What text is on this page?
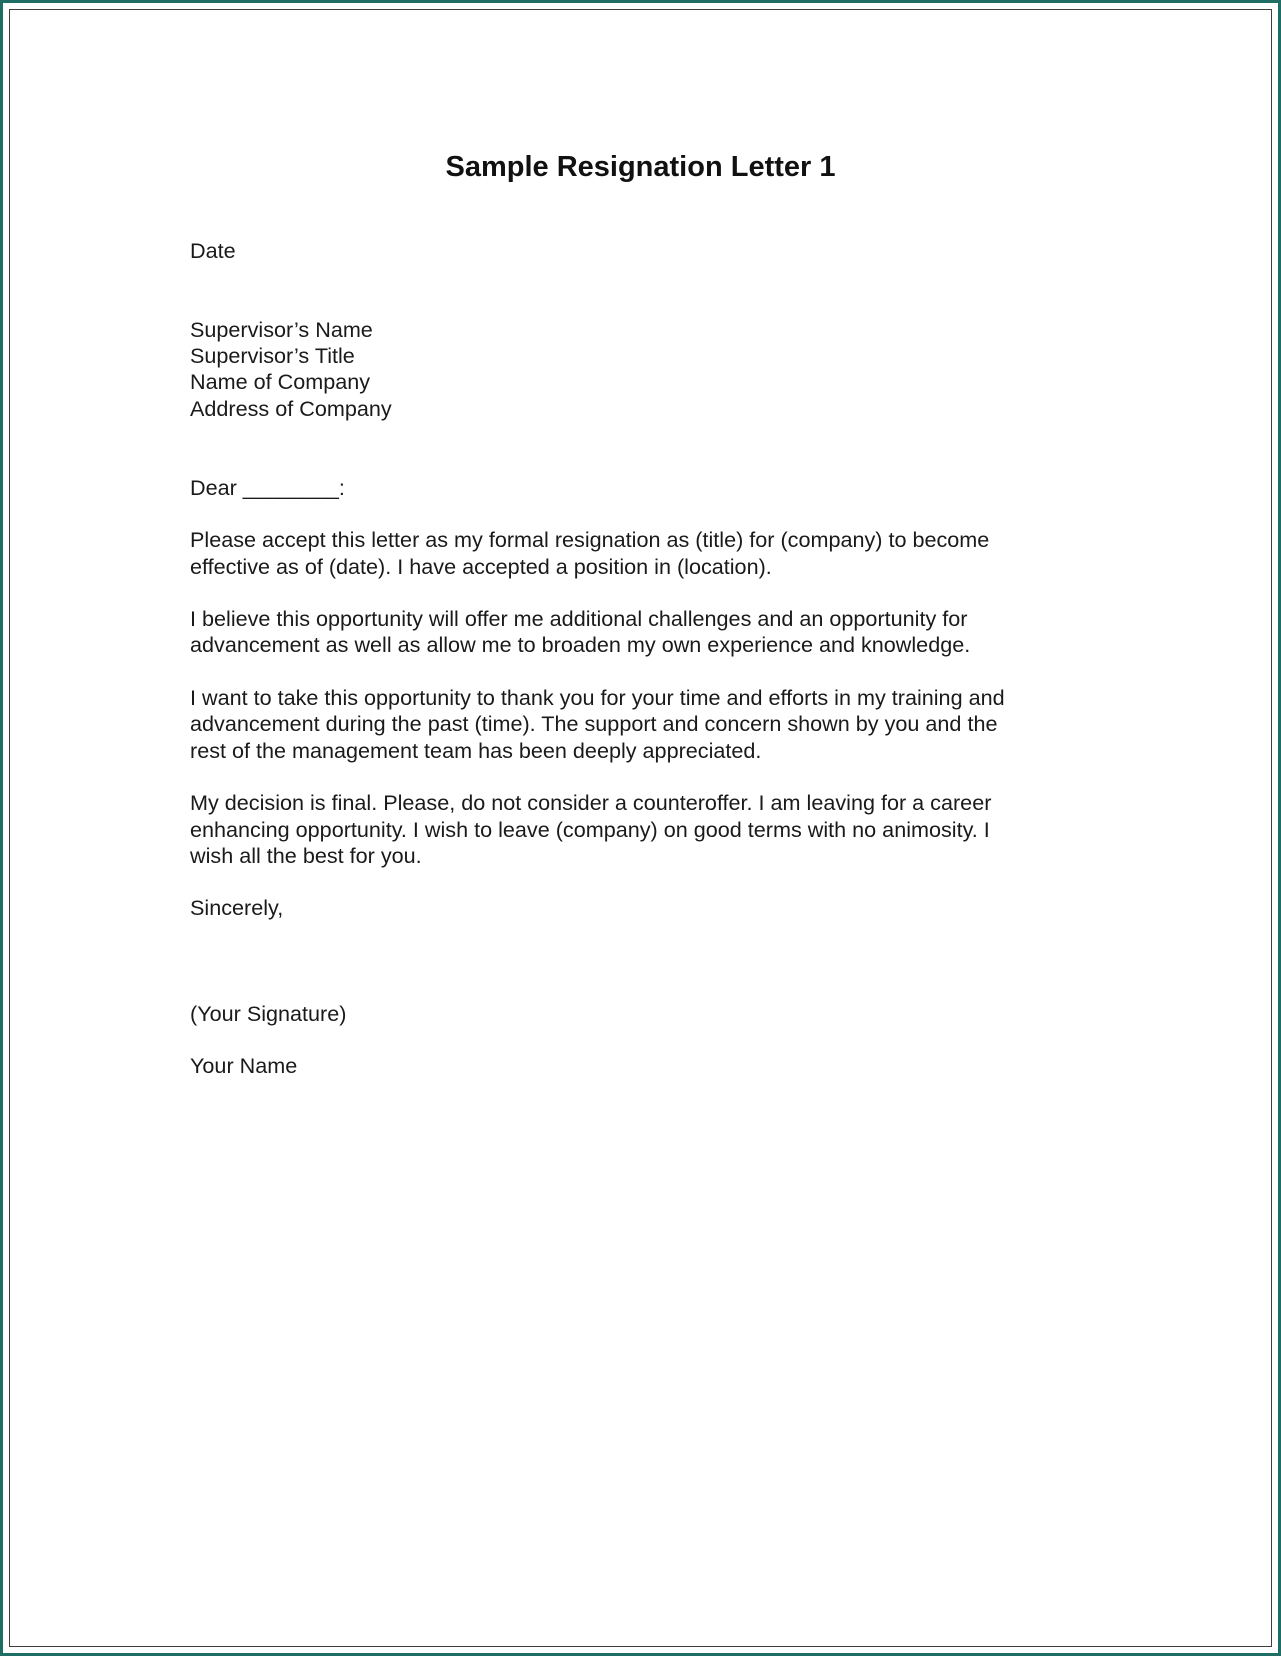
Sample Resignation Letter 1
Date
Supervisor’s Name
Supervisor’s Title
Name of Company
Address of Company
Dear ________:
Please accept this letter as my formal resignation as (title) for (company) to become
effective as of (date). I have accepted a position in (location).
I believe this opportunity will offer me additional challenges and an opportunity for
advancement as well as allow me to broaden my own experience and knowledge.
I want to take this opportunity to thank you for your time and efforts in my training and
advancement during the past (time). The support and concern shown by you and the
rest of the management team has been deeply appreciated.
My decision is final. Please, do not consider a counteroffer. I am leaving for a career
enhancing opportunity. I wish to leave (company) on good terms with no animosity. I
wish all the best for you.
Sincerely,
(Your Signature)
Your Name
